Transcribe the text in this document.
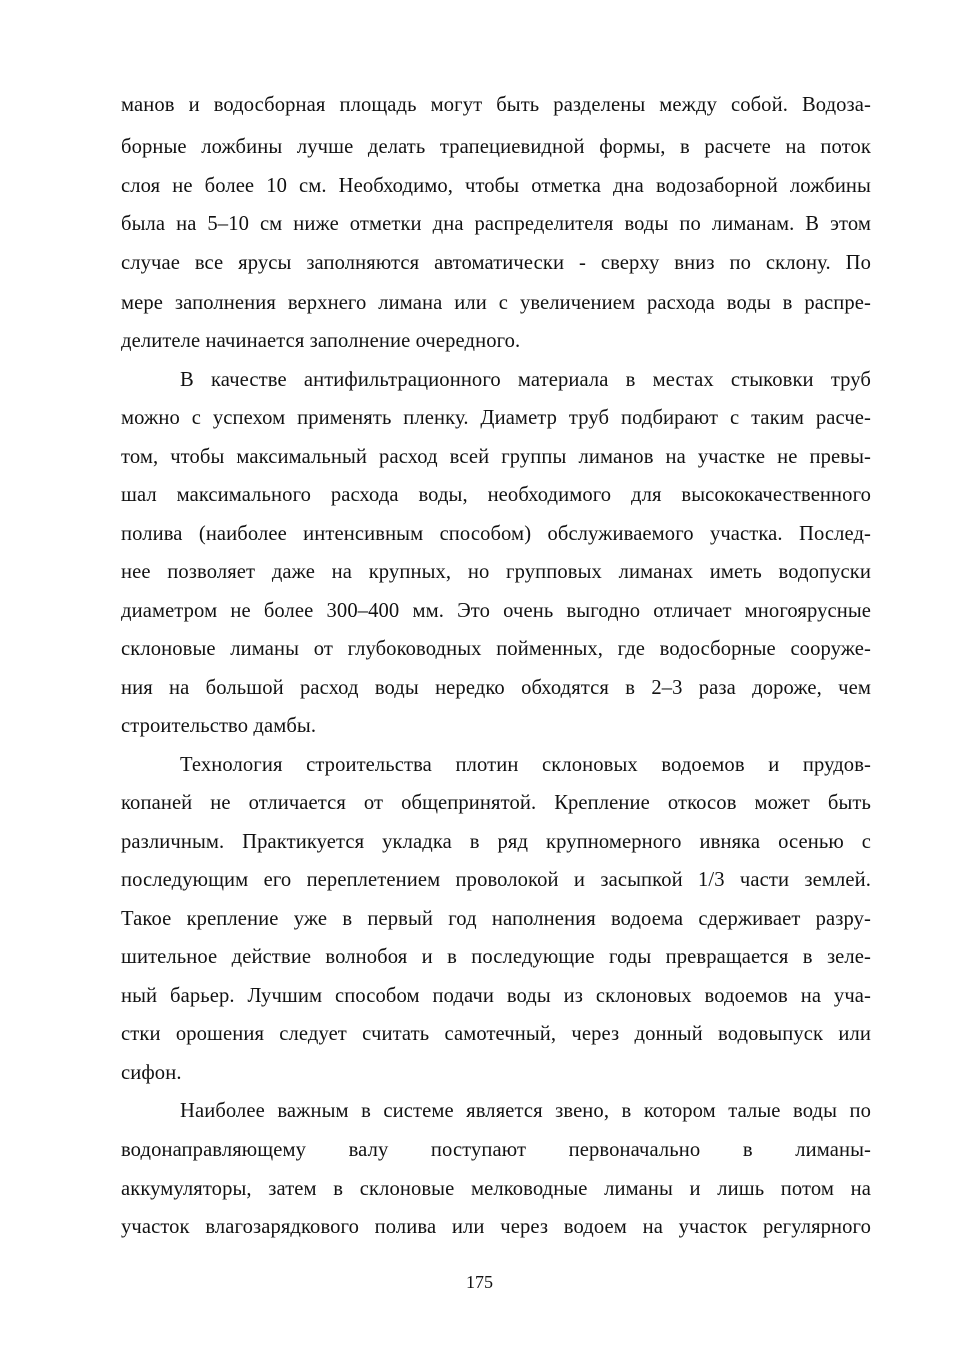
манов и водосборная площадь могут быть разделены между собой. Водоза-
борные ложбины лучше делать трапециевидной формы, в расчете на поток
слоя не более 10 см. Необходимо, чтобы отметка дна водозаборной ложбины
была на 5–10 см ниже отметки дна распределителя воды по лиманам. В этом
случае все ярусы заполняются автоматически - сверху вниз по склону. По
мере заполнения верхнего лимана или с увеличением расхода воды в распре-
делителе начинается заполнение очередного.
В качестве антифильтрационного материала в местах стыковки труб
можно с успехом применять пленку. Диаметр труб подбирают с таким расче-
том, чтобы максимальный расход всей группы лиманов на участке не превы-
шал максимального расхода воды, необходимого для высококачественного
полива (наиболее интенсивным способом) обслуживаемого участка. Послед-
нее позволяет даже на крупных, но групповых лиманах иметь водопуски
диаметром не более 300–400 мм. Это очень выгодно отличает многоярусные
склоновые лиманы от глубоководных пойменных, где водосборные сооруже-
ния на большой расход воды нередко обходятся в 2–3 раза дороже, чем
строительство дамбы.
Технология строительства плотин склоновых водоемов и прудов-
копаней не отличается от общепринятой. Крепление откосов может быть
различным. Практикуется укладка в ряд крупномерного ивняка осенью с
последующим его переплетением проволокой и засыпкой 1/3 части землей.
Такое крепление уже в первый год наполнения водоема сдерживает разру-
шительное действие волнобоя и в последующие годы превращается в зеле-
ный барьер. Лучшим способом подачи воды из склоновых водоемов на уча-
стки орошения следует считать самотечный, через донный водовыпуск или
сифон.
Наиболее важным в системе является звено, в котором талые воды по
водонаправляющему валу поступают первоначально в лиманы-
аккумуляторы, затем в склоновые мелководные лиманы и лишь потом на
участок влагозарядкового полива или через водоем на участок регулярного
175
